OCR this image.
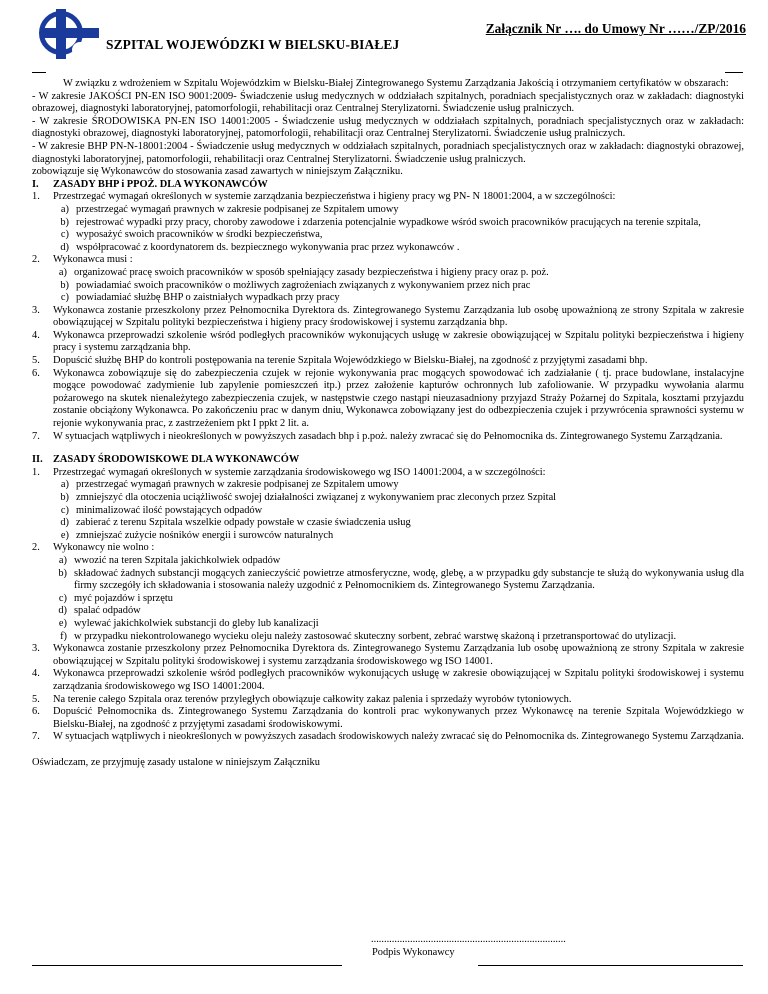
Załącznik Nr …. do Umowy Nr ……/ZP/2016
SZPITAL WOJEWÓDZKI W BIELSKU-BIAŁEJ

W związku z wdrożeniem w Szpitalu Wojewódzkim w Bielsku-Białej Zintegrowanego Systemu Zarządzania Jakością i otrzymaniem certyfikatów w obszarach:

- W zakresie JAKOŚCI PN-EN ISO 9001:2009- Świadczenie usług medycznych w oddziałach szpitalnych, poradniach specjalistycznych oraz w zakładach: diagnostyki obrazowej, diagnostyki laboratoryjnej, patomorfologii, rehabilitacji oraz Centralnej Sterylizatorni. Świadczenie usług pralniczych.

- W zakresie ŚRODOWISKA PN-EN ISO 14001:2005 - Świadczenie usług medycznych w oddziałach szpitalnych, poradniach specjalistycznych oraz w zakładach: diagnostyki obrazowej, diagnostyki laboratoryjnej, patomorfologii, rehabilitacji oraz Centralnej Sterylizatorni. Świadczenie usług pralniczych.

- W zakresie BHP PN-N-18001:2004 - Świadczenie usług medycznych w oddziałach szpitalnych, poradniach specjalistycznych oraz w zakładach: diagnostyki obrazowej, diagnostyki laboratoryjnej, patomorfologii, rehabilitacji oraz Centralnej Sterylizatorni. Świadczenie usług pralniczych.

zobowiązuje się Wykonawców do stosowania zasad zawartych w niniejszym Załączniku.

I.	ZASADY BHP i PPOŻ. DLA WYKONAWCÓW
1.	Przestrzegać wymagań określonych w systemie zarządzania bezpieczeństwa i higieny pracy wg PN- N 18001:2004, a w szczególności:
a) przestrzegać wymagań prawnych w zakresie podpisanej ze Szpitalem umowy
b) rejestrować wypadki przy pracy, choroby zawodowe i zdarzenia potencjalnie wypadkowe wśród swoich pracowników pracujących na terenie szpitala,
c) wyposażyć swoich pracowników w środki bezpieczeństwa,
d) współpracować z koordynatorem ds. bezpiecznego wykonywania prac przez wykonawców .
2.	Wykonawca musi :
a) organizować pracę swoich pracowników w sposób spełniający zasady bezpieczeństwa i higieny pracy oraz p. poż.
b) powiadamiać swoich pracowników o możliwych zagrożeniach związanych z wykonywaniem przez nich prac
c) powiadamiać służbę BHP o zaistniałych wypadkach przy pracy
3.	Wykonawca zostanie przeszkolony przez Pełnomocnika Dyrektora ds. Zintegrowanego Systemu Zarządzania lub osobę upoważnioną ze strony Szpitala w zakresie obowiązującej w Szpitalu polityki bezpieczeństwa i higieny pracy środowiskowej i systemu zarządzania bhp.
4.	Wykonawca przeprowadzi szkolenie wśród podległych pracowników wykonujących usługę w zakresie obowiązującej w Szpitalu polityki bezpieczeństwa i higieny pracy i systemu zarządzania bhp.
5.	Dopuścić służbę BHP do kontroli postępowania na terenie Szpitala Wojewódzkiego w Bielsku-Białej, na zgodność z przyjętymi zasadami bhp.
6.	Wykonawca zobowiązuje się do zabezpieczenia czujek w rejonie wykonywania prac mogących spowodować ich zadziałanie ( tj. prace budowlane, instalacyjne mogące powodować zadymienie lub zapylenie pomieszczeń itp.) przez założenie kapturów ochronnych lub zafoliowanie. W przypadku wywołania alarmu pożarowego na skutek nienależytego zabezpieczenia czujek, w następstwie czego nastąpi nieuzasadniony przyjazd Straży Pożarnej do Szpitala, kosztami przyjazdu zostanie obciążony Wykonawca. Po zakończeniu prac w danym dniu, Wykonawca zobowiązany jest do odbezpieczenia czujek i przywrócenia sprawności systemu w rejonie wykonywania prac, z zastrzeżeniem pkt I ppkt 2 lit. a.
7.	W sytuacjach wątpliwych i nieokreślonych w powyższych zasadach bhp i p.poż. należy zwracać się do Pełnomocnika ds. Zintegrowanego Systemu Zarządzania.
II. ZASADY ŚRODOWISKOWE DLA WYKONAWCÓW
1.	Przestrzegać wymagań określonych w systemie zarządzania środowiskowego wg ISO 14001:2004, a w szczególności:
a) przestrzegać wymagań prawnych w zakresie podpisanej ze Szpitalem umowy
b) zmniejszyć dla otoczenia uciążliwość swojej działalności związanej z wykonywaniem prac zleconych przez Szpital
c) minimalizować ilość powstających odpadów
d) zabierać z terenu Szpitala wszelkie odpady powstałe w czasie świadczenia usług
e) zmniejszać zużycie nośników energii i surowców naturalnych
2.	Wykonawcy nie wolno :
a) wwozić na teren Szpitala jakichkolwiek odpadów
b) składować żadnych substancji mogących zanieczyścić powietrze atmosferyczne, wodę, glebę, a w przypadku gdy substancje te służą do wykonywania usług dla firmy szczegóły ich składowania i stosowania należy uzgodnić z Pełnomocnikiem ds. Zintegrowanego Systemu Zarządzania.
c) myć pojazdów i sprzętu
d) spalać odpadów
e) wylewać jakichkolwiek substancji do gleby lub kanalizacji
f) w przypadku niekontrolowanego wycieku oleju należy zastosować skuteczny sorbent, zebrać warstwę skażoną i przetransportować do utylizacji.
3.	Wykonawca zostanie przeszkolony przez Pełnomocnika Dyrektora ds. Zintegrowanego Systemu Zarządzania lub osobę upoważnioną ze strony Szpitala w zakresie obowiązującej w Szpitalu polityki środowiskowej i systemu zarządzania środowiskowego wg ISO 14001.
4.	Wykonawca przeprowadzi szkolenie wśród podległych pracowników wykonujących usługę w zakresie obowiązującej w Szpitalu polityki środowiskowej i systemu zarządzania środowiskowego wg ISO 14001:2004.
5.	Na terenie całego Szpitala oraz terenów przyległych obowiązuje całkowity zakaz palenia i sprzedaży wyrobów tytoniowych.
6.	Dopuścić Pełnomocnika ds. Zintegrowanego Systemu Zarządzania do kontroli prac wykonywanych przez Wykonawcę na terenie Szpitala Wojewódzkiego w Bielsku-Białej, na zgodność z przyjętymi zasadami środowiskowymi.
7.	W sytuacjach wątpliwych i nieokreślonych w powyższych zasadach środowiskowych należy zwracać się do Pełnomocnika ds. Zintegrowanego Systemu Zarządzania.

Oświadczam, ze przyjmuję zasady ustalone w niniejszym Załączniku

...........................................................................
Podpis Wykonawcy
